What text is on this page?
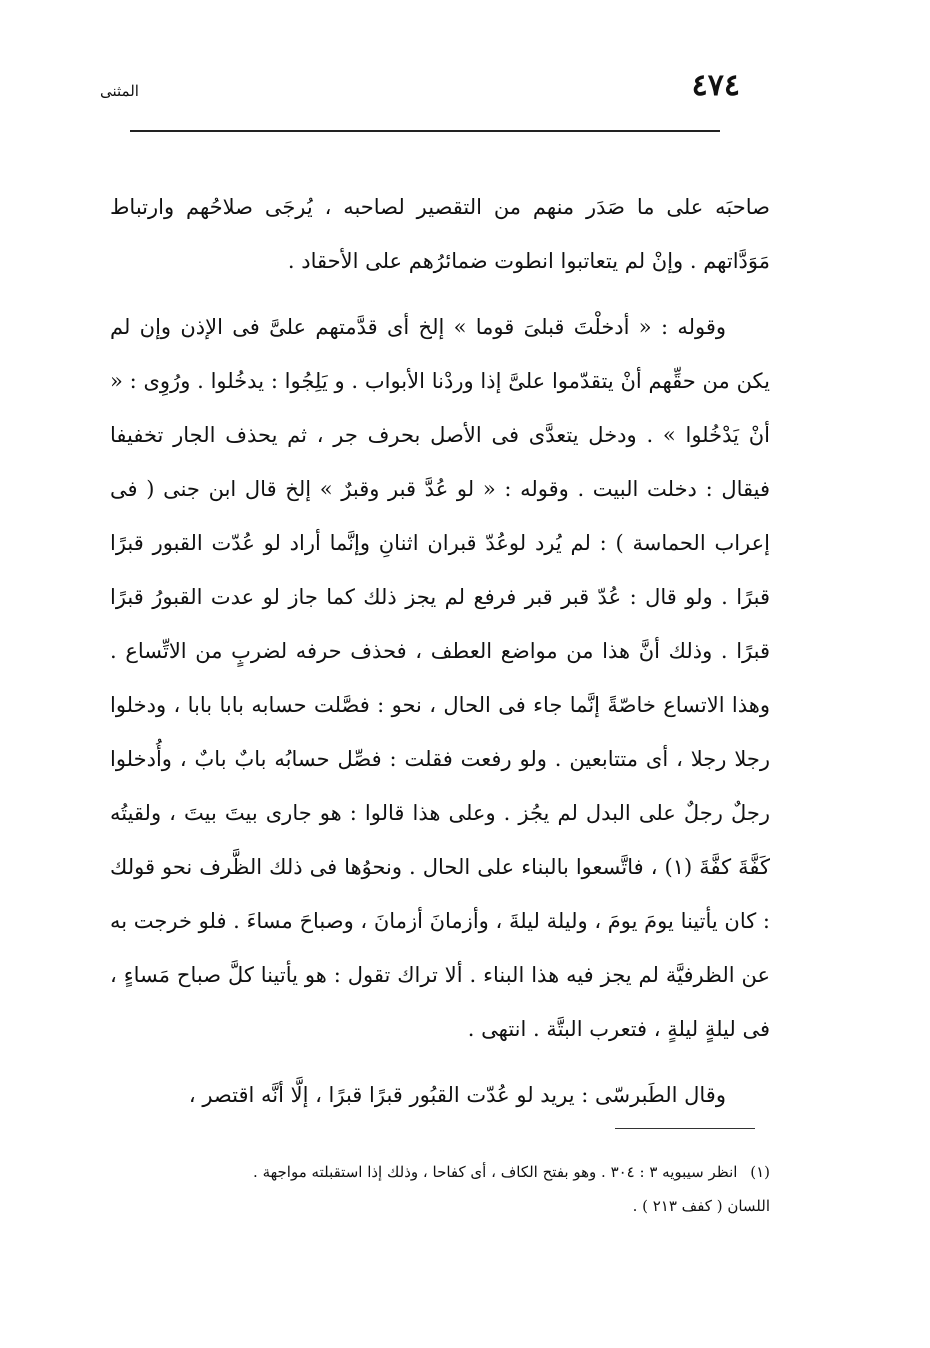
٤٧٤
المثنى

صاحبَه على ما صَدَر منهم من التقصير لصاحبه ، يُرجَى صلاحُهم وارتباط مَوَدَّاتهم . وإنْ لم يتعاتبوا انطوت ضمائرُهم على الأحقاد .

وقوله : « أدخلْتَ قبلىَ قوما » إلخ أى قدَّمتهم علىَّ فى الإذن وإن لم يكن من حقِّهم أنْ يتقدّموا علىَّ إذا وردْنا الأبواب . و يَلِجُوا : يدخُلوا . ورُوِى : « أنْ يَدْخُلوا » . ودخل يتعدَّى فى الأصل بحرف جر ، ثم يحذف الجار تخفيفا فيقال : دخلت البيت . وقوله : « لو عُدَّ قبر وقبرٌ » إلخ قال ابن جنى ( فى إعراب الحماسة ) : لم يُرد لوعُدّ قبران اثنانِ وإنَّما أراد لو عُدّت القبور قبرًا قبرًا . ولو قال : عُدّ قبر قبر فرفع لم يجز ذلك كما جاز لو عدت القبورُ قبرًا قبرًا . وذلك أنَّ هذا من مواضع العطف ، فحذف حرفه لضربٍ من الاتِّساع . وهذا الاتساع خاصّةً إنَّما جاء فى الحال ، نحو : فصَّلت حسابه بابا بابا ، ودخلوا رجلا رجلا ، أى متتابعين . ولو رفعت فقلت : فصِّل حسابُه بابٌ بابٌ ، وأُدخلوا رجلٌ رجلٌ على البدل لم يجُز . وعلى هذا قالوا : هو جارى بيتَ بيتَ ، ولقيتُه كَفَّةَ كفَّةَ (١) ، فاتَّسعوا بالبناء على الحال . ونحوُها فى ذلك الظَّرف نحو قولك : كان يأتينا يومَ يومَ ، وليلة ليلةَ ، وأزمانَ أزمانَ ، وصباحَ مساءَ . فلو خرجت به عن الظرفيَّة لم يجز فيه هذا البناء . ألا تراك تقول : هو يأتينا كلَّ صباح مَساءٍ ، فى ليلةٍ ليلةٍ ، فتعرب البتَّة . انتهى .

وقال الطَبرسّى : يريد لو عُدّت القبُور قبرًا قبرًا ، إلَّا أنَّه اقتصر ،

(١) انظر سيبويه ٣ : ٣٠٤ . وهو بفتح الكاف ، أى كفاحا ، وذلك إذا استقبلته مواجهة .

اللسان ( كفف ٢١٣ ) .
